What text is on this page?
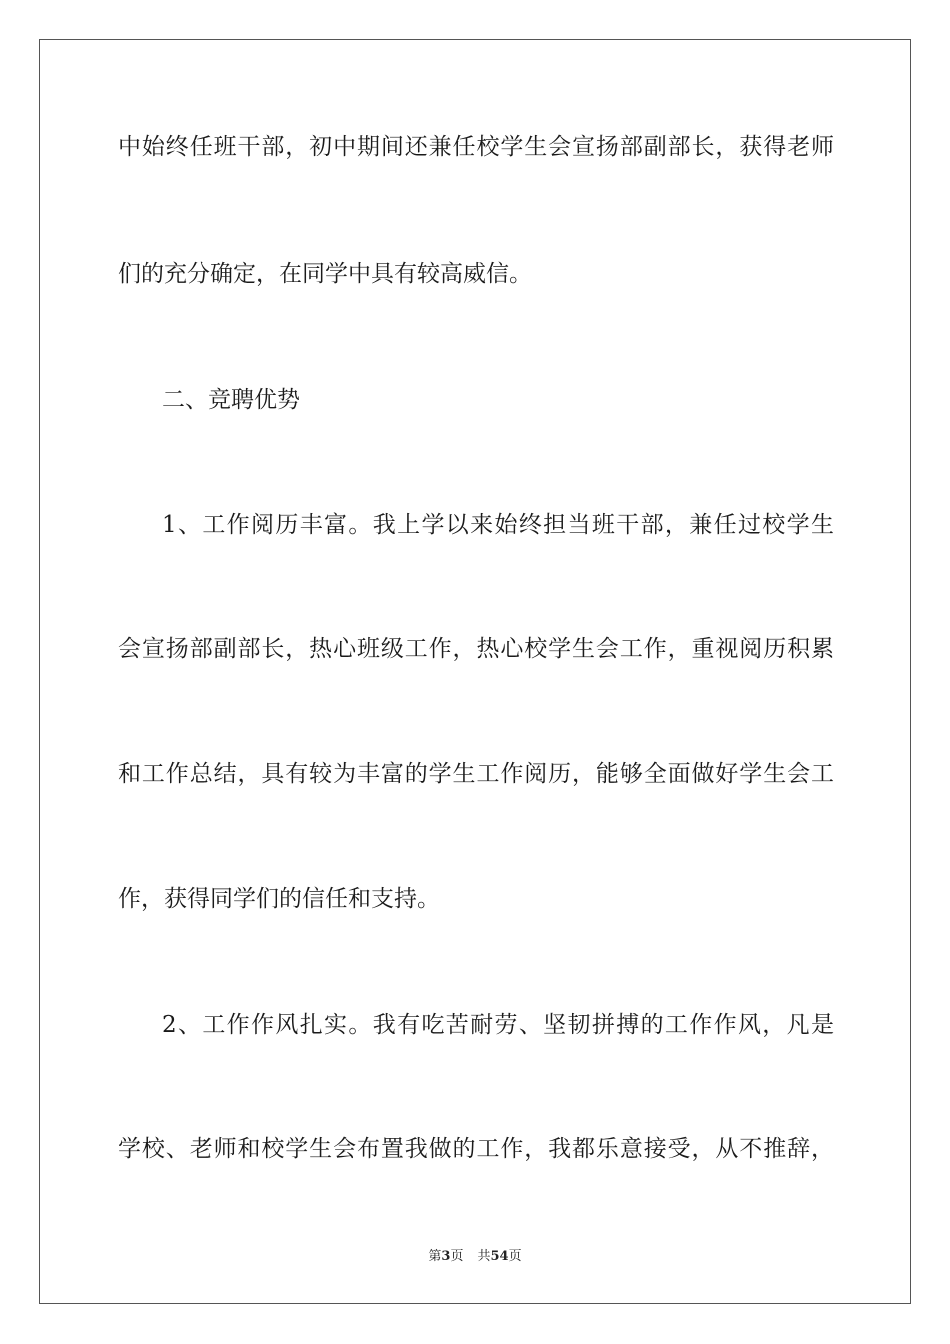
中始终任班干部，初中期间还兼任校学生会宣扬部副部长，获得老师
们的充分确定，在同学中具有较高威信。
二、竞聘优势
1、工作阅历丰富。我上学以来始终担当班干部，兼任过校学生
会宣扬部副部长，热心班级工作，热心校学生会工作，重视阅历积累
和工作总结，具有较为丰富的学生工作阅历，能够全面做好学生会工
作，获得同学们的信任和支持。
2、工作作风扎实。我有吃苦耐劳、坚韧拼搏的工作作风，凡是
学校、老师和校学生会布置我做的工作，我都乐意接受，从不推辞，
第3页 共54页
